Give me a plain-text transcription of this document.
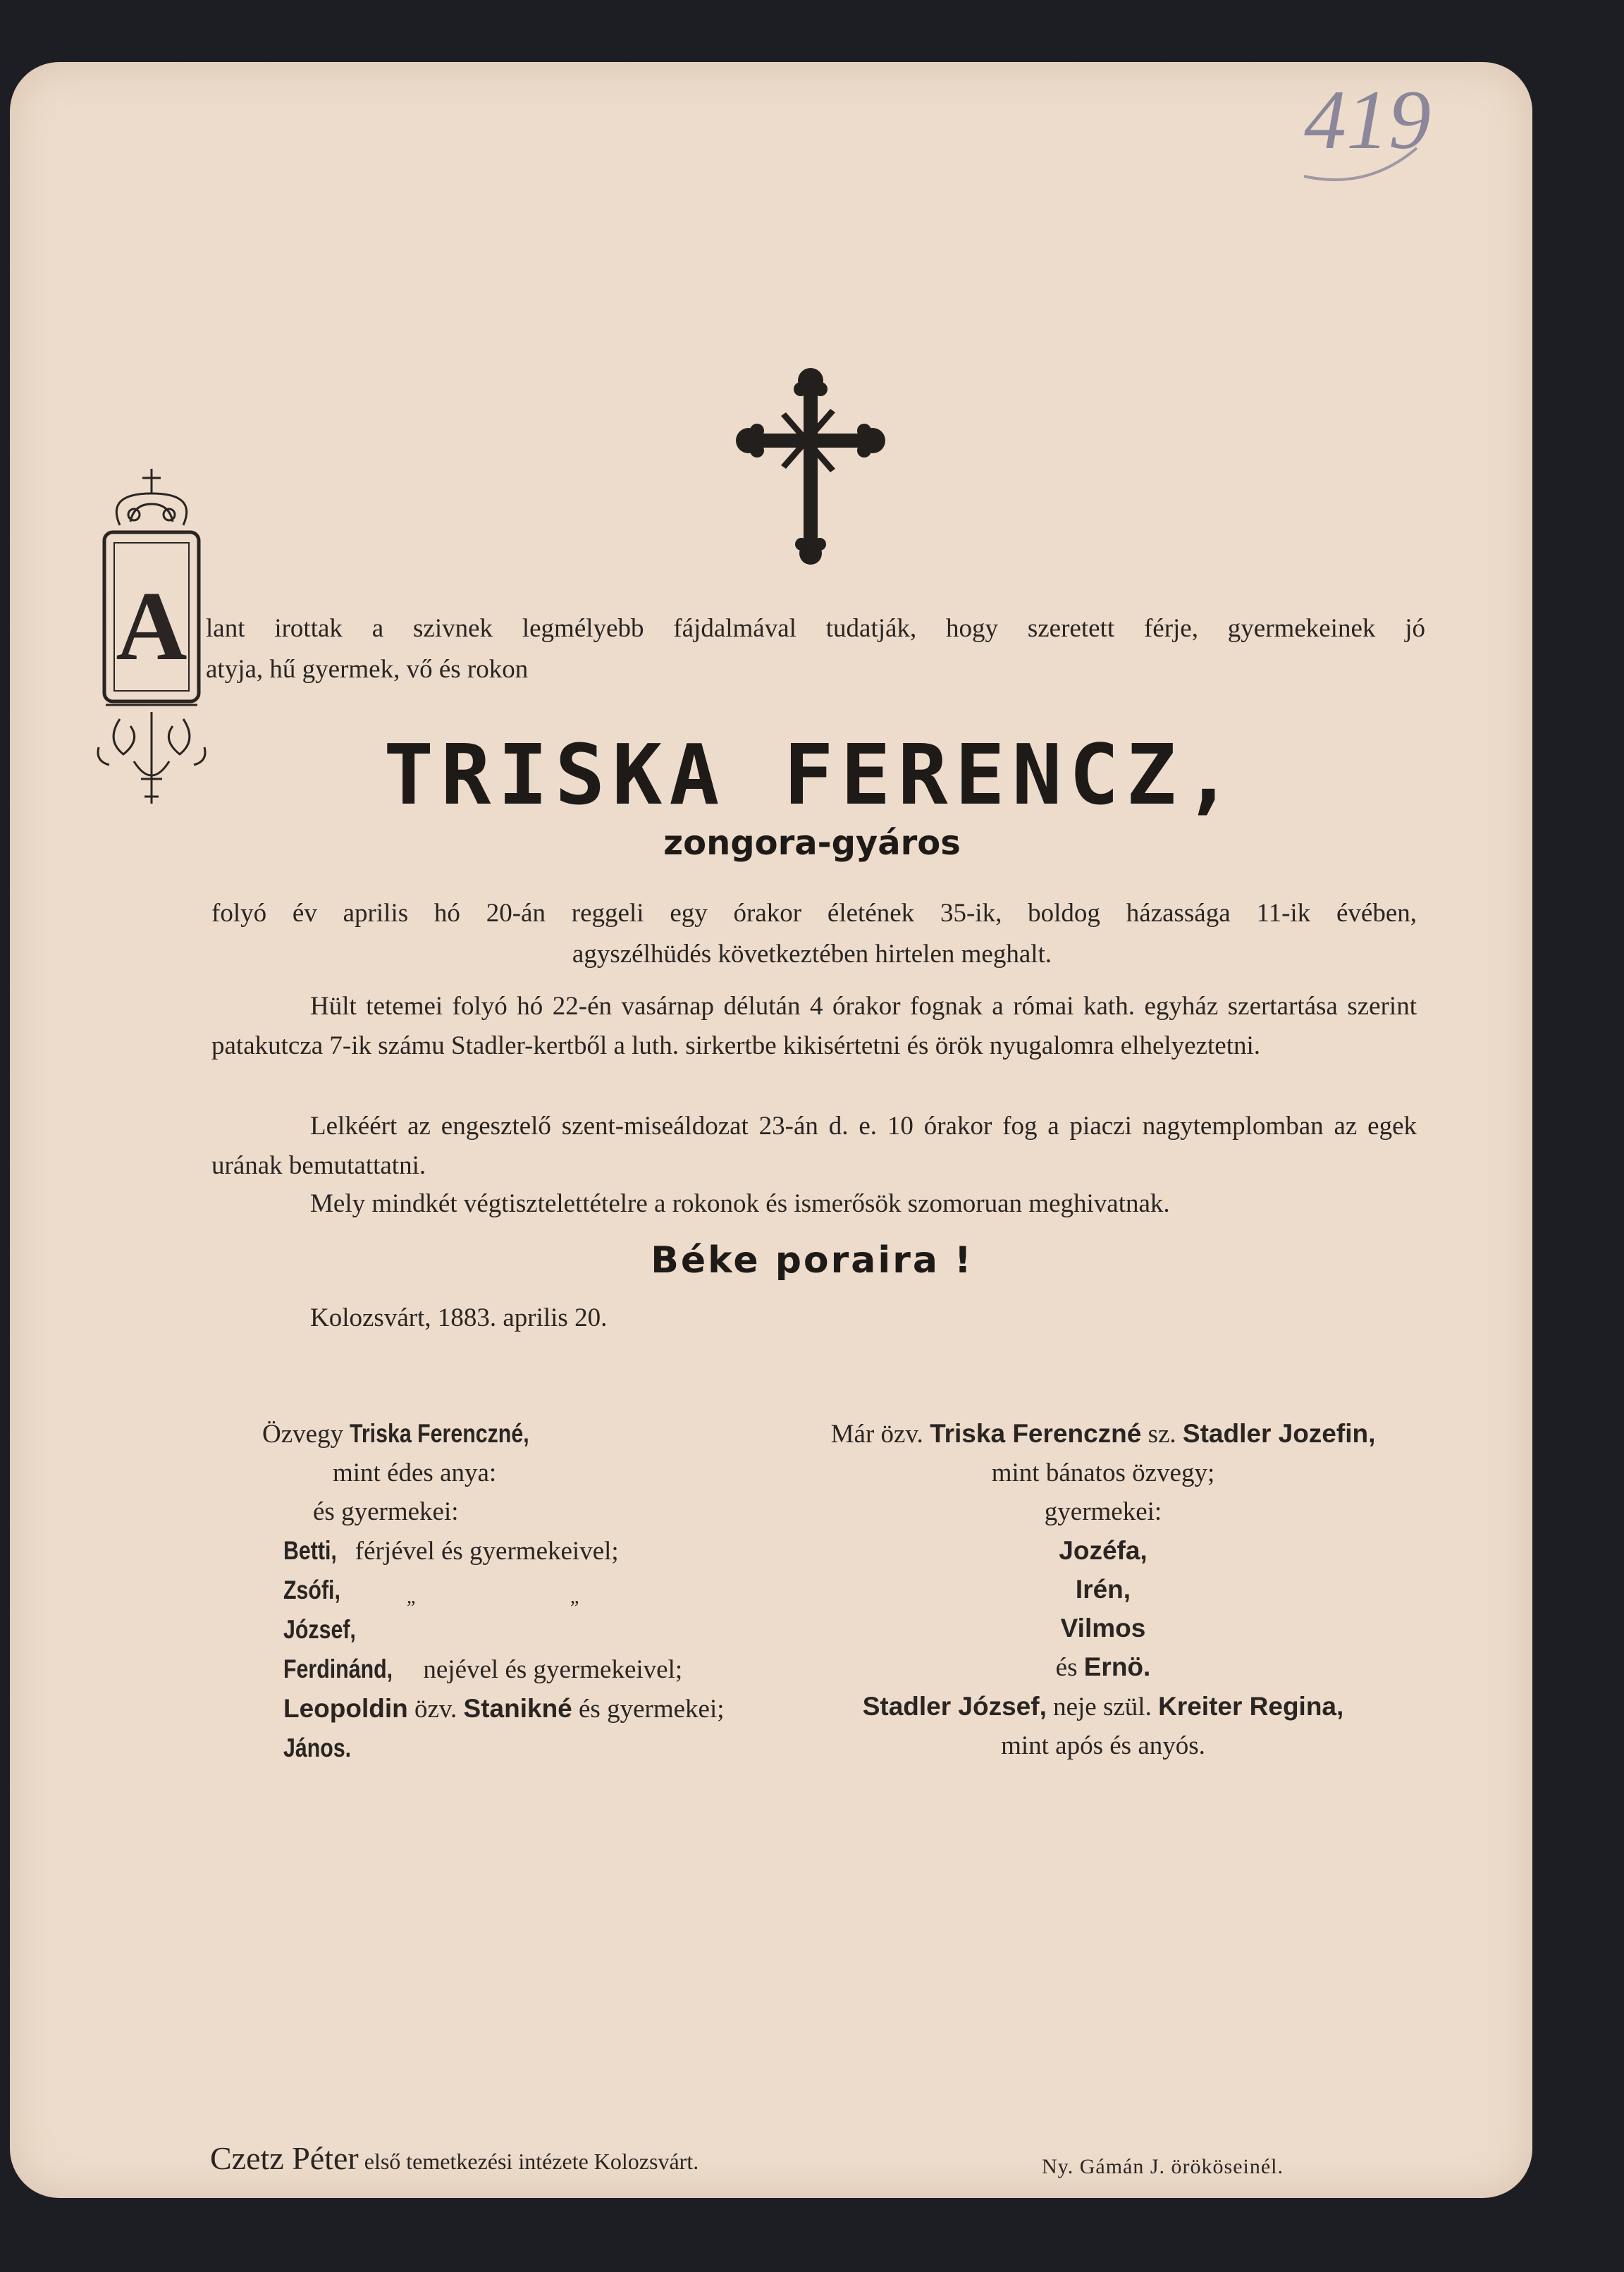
419
A lant irottak a szivnek legmélyebb fájdalmával tudatják, hogy szeretett férje, gyermekeinek jó

atyja, hű gyermek, vő és rokon

TRISKA FERENCZ,
zongora-gyáros

folyó év aprilis hó 20-án reggeli egy órakor életének 35-ik, boldog házassága 11-ik évében,

agyszélhüdés következtében hirtelen meghalt.

Hült tetemei folyó hó 22-én vasárnap délután 4 órakor fognak a római kath. egyház szertartása szerint patakutcza 7-ik számu Stadler-kertből a luth. sirkertbe kikisértetni és örök nyugalomra elhelyeztetni.

Lelkéért az engesztelő szent-miseáldozat 23-án d. e. 10 órakor fog a piaczi nagytemplomban az egek urának bemutattatni.

Mely mindkét végtisztelettételre a rokonok és ismerősök szomoruan meghivatnak.

Béke poraira !
Kolozsvárt, 1883. aprilis 20.
Özvegy Triska Ferenczné,
mint édes anya:
és gyermekei:
Betti, férjével és gyermekeivel;
Zsófi,	„	„
József,
Ferdinánd, nejével és gyermekeivel;
Leopoldin özv. Stanikné és gyermekei;
János.
Már özv. Triska Ferenczné sz. Stadler Jozefin,
mint bánatos özvegy;
gyermekei:
Jozéfa,
Irén,
Vilmos
és Ernö.
Stadler József, neje szül. Kreiter Regina,
mint após és anyós.
Czetz Péter első temetkezési intézete Kolozsvárt.	Ny. Gámán J. örököseinél.
